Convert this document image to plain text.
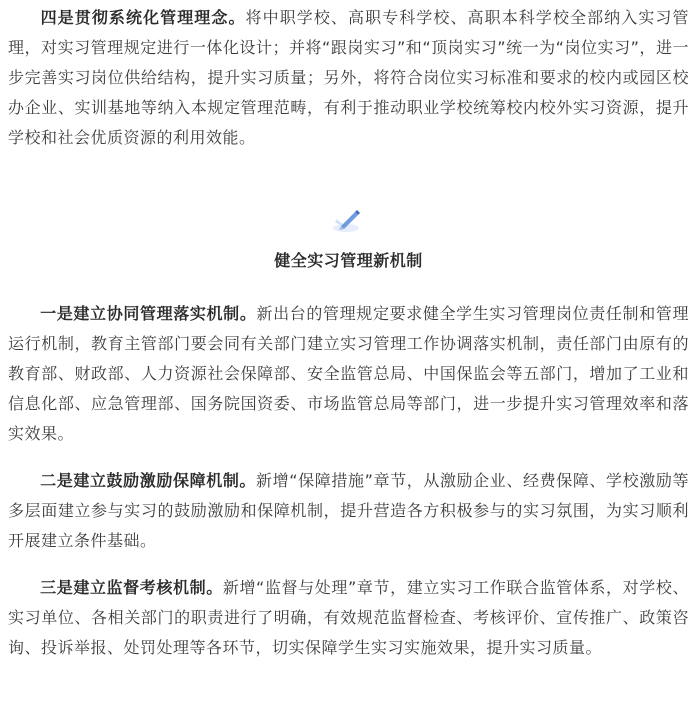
四是贯彻系统化管理理念。将中职学校、高职专科学校、高职本科学校全部纳入实习管理，对实习管理规定进行一体化设计；并将“跟岗实习”和“顶岗实习”统一为“岗位实习”，进一步完善实习岗位供给结构，提升实习质量；另外，将符合岗位实习标准和要求的校内或园区校办企业、实训基地等纳入本规定管理范畴，有利于推动职业学校统筹校内校外实习资源，提升学校和社会优质资源的利用效能。

健全实习管理新机制

一是建立协同管理落实机制。新出台的管理规定要求健全学生实习管理岗位责任制和管理运行机制，教育主管部门要会同有关部门建立实习管理工作协调落实机制，责任部门由原有的教育部、财政部、人力资源社会保障部、安全监管总局、中国保监会等五部门，增加了工业和信息化部、应急管理部、国务院国资委、市场监管总局等部门，进一步提升实习管理效率和落实效果。

二是建立鼓励激励保障机制。新增“保障措施”章节，从激励企业、经费保障、学校激励等多层面建立参与实习的鼓励激励和保障机制，提升营造各方积极参与的实习氛围，为实习顺利开展建立条件基础。

三是建立监督考核机制。新增“监督与处理”章节，建立实习工作联合监管体系，对学校、实习单位、各相关部门的职责进行了明确，有效规范监督检查、考核评价、宣传推广、政策咨询、投诉举报、处罚处理等各环节，切实保障学生实习实施效果，提升实习质量。
